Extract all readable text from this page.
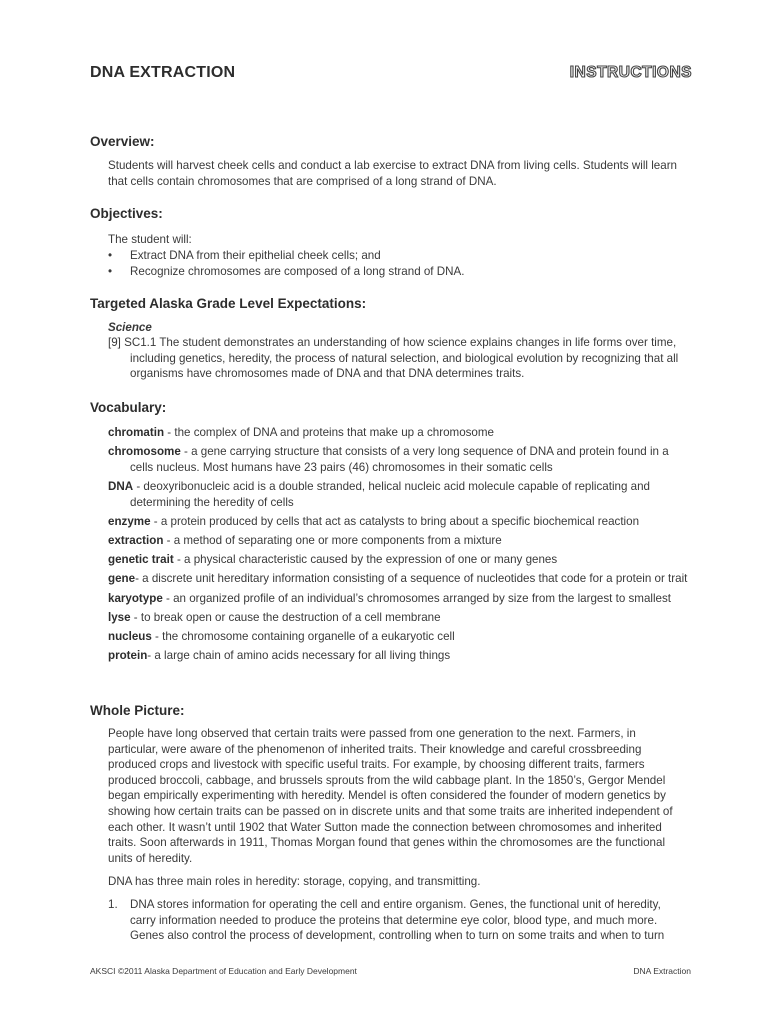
DNA EXTRACTION	INSTRUCTIONS
Overview:

Students will harvest cheek cells and conduct a lab exercise to extract DNA from living cells. Students will learn that cells contain chromosomes that are comprised of a long strand of DNA.

Objectives:

The student will:

• Extract DNA from their epithelial cheek cells; and
• Recognize chromosomes are composed of a long strand of DNA.
Targeted Alaska Grade Level Expectations:

Science

[9] SC1.1 The student demonstrates an understanding of how science explains changes in life forms over time, including genetics, heredity, the process of natural selection, and biological evolution by recognizing that all organisms have chromosomes made of DNA and that DNA determines traits.

Vocabulary:
chromatin - the complex of DNA and proteins that make up a chromosome
chromosome - a gene carrying structure that consists of a very long sequence of DNA and protein found in a cells nucleus. Most humans have 23 pairs (46) chromosomes in their somatic cells
DNA - deoxyribonucleic acid is a double stranded, helical nucleic acid molecule capable of replicating and determining the heredity of cells
enzyme - a protein produced by cells that act as catalysts to bring about a specific biochemical reaction
extraction - a method of separating one or more components from a mixture
genetic trait - a physical characteristic caused by the expression of one or many genes
gene- a discrete unit hereditary information consisting of a sequence of nucleotides that code for a protein or trait
karyotype - an organized profile of an individual’s chromosomes arranged by size from the largest to smallest
lyse - to break open or cause the destruction of a cell membrane
nucleus - the chromosome containing organelle of a eukaryotic cell
protein- a large chain of amino acids necessary for all living things
Whole Picture:

People have long observed that certain traits were passed from one generation to the next. Farmers, in particular, were aware of the phenomenon of inherited traits. Their knowledge and careful crossbreeding produced crops and livestock with specific useful traits. For example, by choosing different traits, farmers produced broccoli, cabbage, and brussels sprouts from the wild cabbage plant. In the 1850’s, Gergor Mendel began empirically experimenting with heredity. Mendel is often considered the founder of modern genetics by showing how certain traits can be passed on in discrete units and that some traits are inherited independent of each other. It wasn’t until 1902 that Water Sutton made the connection between chromosomes and inherited traits. Soon afterwards in 1911, Thomas Morgan found that genes within the chromosomes are the functional units of heredity.

DNA has three main roles in heredity: storage, copying, and transmitting.

1. DNA stores information for operating the cell and entire organism. Genes, the functional unit of heredity, carry information needed to produce the proteins that determine eye color, blood type, and much more. Genes also control the process of development, controlling when to turn on some traits and when to turn
AKSCI ©2011 Alaska Department of Education and Early Development	DNA Extraction
